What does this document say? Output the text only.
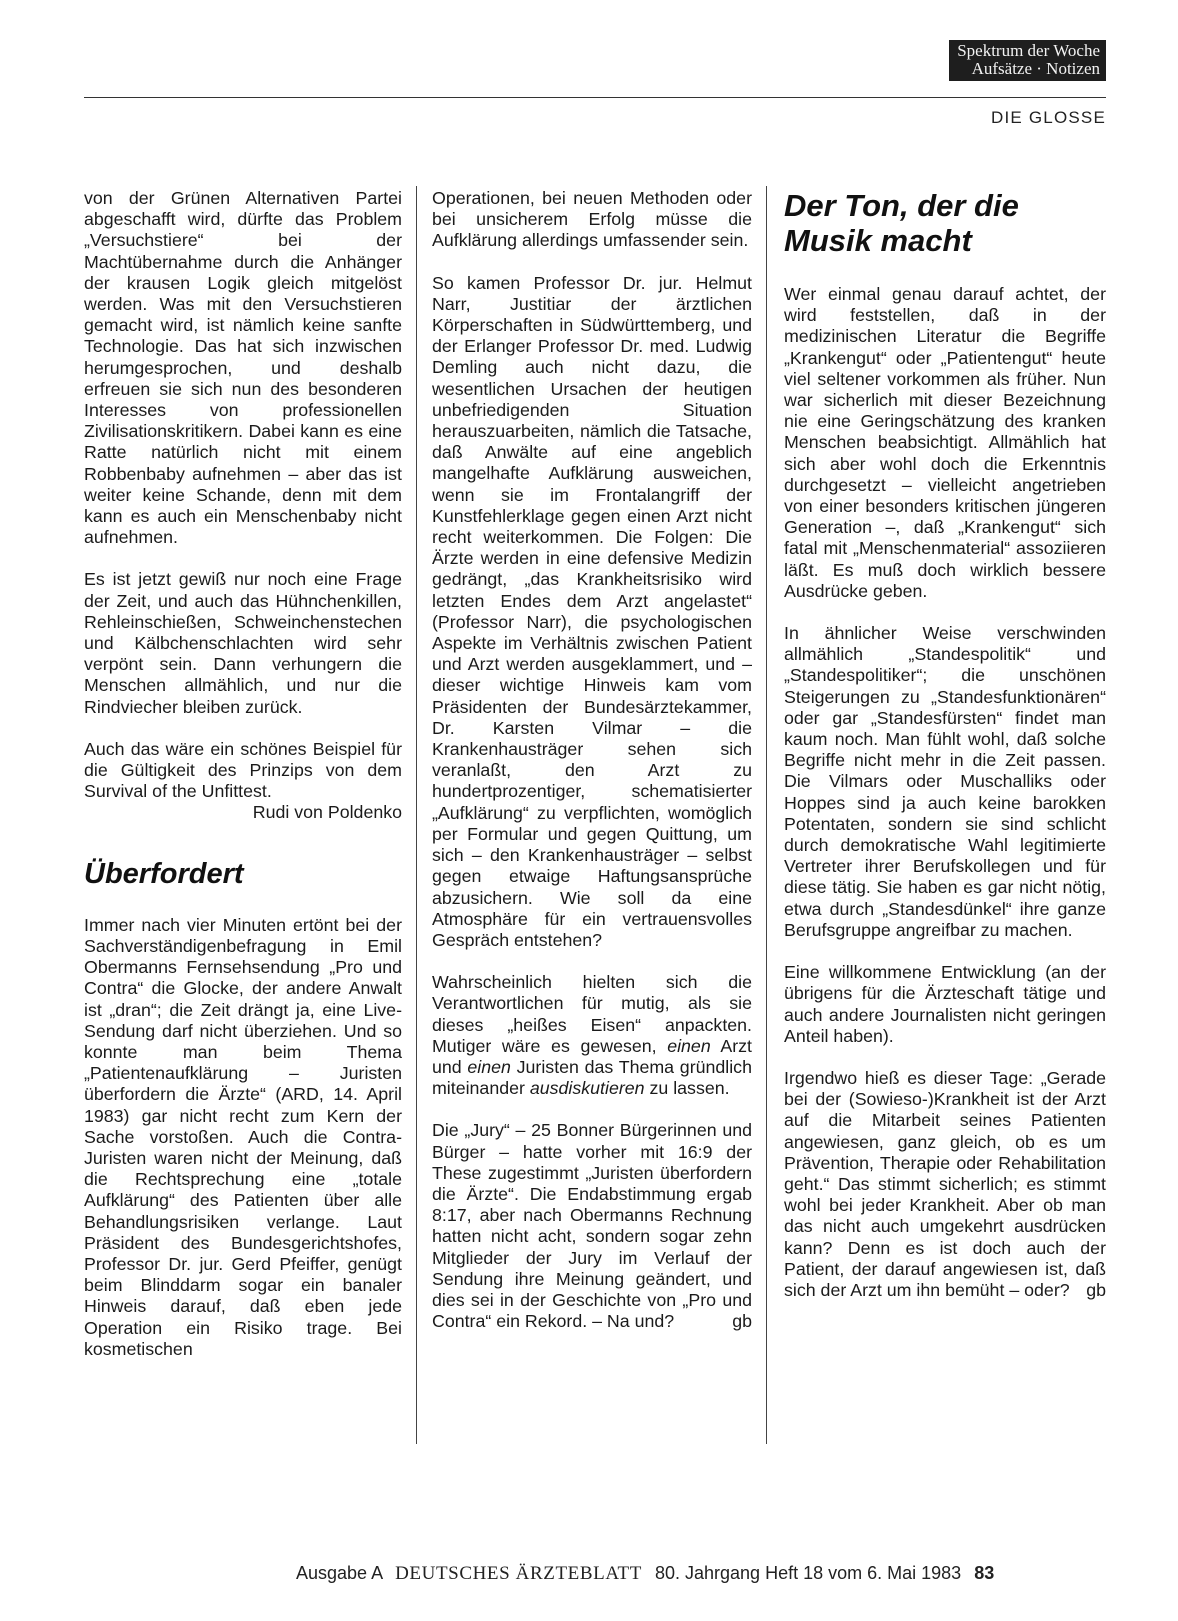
Spektrum der Woche
Aufsätze · Notizen
DIE GLOSSE

von der Grünen Alternativen Partei abgeschafft wird, dürfte das Problem „Versuchstiere“ bei der Machtübernahme durch die Anhänger der krausen Logik gleich mitgelöst werden. Was mit den Versuchstieren gemacht wird, ist nämlich keine sanfte Technologie. Das hat sich inzwischen herumgesprochen, und deshalb erfreuen sie sich nun des besonderen Interesses von professionellen Zivilisationskritikern. Dabei kann es eine Ratte natürlich nicht mit einem Robbenbaby aufnehmen – aber das ist weiter keine Schande, denn mit dem kann es auch ein Menschenbaby nicht aufnehmen.

Es ist jetzt gewiß nur noch eine Frage der Zeit, und auch das Hühnchenkillen, Rehleinschießen, Schweinchenstechen und Kälbchenschlachten wird sehr verpönt sein. Dann verhungern die Menschen allmählich, und nur die Rindviecher bleiben zurück.

Auch das wäre ein schönes Beispiel für die Gültigkeit des Prinzips von dem Survival of the Unfittest.
Rudi von Poldenko

Überfordert

Immer nach vier Minuten ertönt bei der Sachverständigenbefragung in Emil Obermanns Fernsehsendung „Pro und Contra“ die Glocke, der andere Anwalt ist „dran“; die Zeit drängt ja, eine Live-Sendung darf nicht überziehen. Und so konnte man beim Thema „Patientenaufklärung – Juristen überfordern die Ärzte“ (ARD, 14. April 1983) gar nicht recht zum Kern der Sache vorstoßen. Auch die Contra-Juristen waren nicht der Meinung, daß die Rechtsprechung eine „totale Aufklärung“ des Patienten über alle Behandlungsrisiken verlange. Laut Präsident des Bundesgerichtshofes, Professor Dr. jur. Gerd Pfeiffer, genügt beim Blinddarm sogar ein banaler Hinweis darauf, daß eben jede Operation ein Risiko trage. Bei kosmetischen

Operationen, bei neuen Methoden oder bei unsicherem Erfolg müsse die Aufklärung allerdings umfassender sein.

So kamen Professor Dr. jur. Helmut Narr, Justitiar der ärztlichen Körperschaften in Südwürttemberg, und der Erlanger Professor Dr. med. Ludwig Demling auch nicht dazu, die wesentlichen Ursachen der heutigen unbefriedigenden Situation herauszuarbeiten, nämlich die Tatsache, daß Anwälte auf eine angeblich mangelhafte Aufklärung ausweichen, wenn sie im Frontalangriff der Kunstfehlerklage gegen einen Arzt nicht recht weiterkommen. Die Folgen: Die Ärzte werden in eine defensive Medizin gedrängt, „das Krankheitsrisiko wird letzten Endes dem Arzt angelastet“ (Professor Narr), die psychologischen Aspekte im Verhältnis zwischen Patient und Arzt werden ausgeklammert, und – dieser wichtige Hinweis kam vom Präsidenten der Bundesärztekammer, Dr. Karsten Vilmar – die Krankenhausträger sehen sich veranlaßt, den Arzt zu hundertprozentiger, schematisierter „Aufklärung“ zu verpflichten, womöglich per Formular und gegen Quittung, um sich – den Krankenhausträger – selbst gegen etwaige Haftungsansprüche abzusichern. Wie soll da eine Atmosphäre für ein vertrauensvolles Gespräch entstehen?

Wahrscheinlich hielten sich die Verantwortlichen für mutig, als sie dieses „heißes Eisen“ anpackten. Mutiger wäre es gewesen, einen Arzt und einen Juristen das Thema gründlich miteinander ausdiskutieren zu lassen.

Die „Jury“ – 25 Bonner Bürgerinnen und Bürger – hatte vorher mit 16:9 der These zugestimmt „Juristen überfordern die Ärzte“. Die Endabstimmung ergab 8:17, aber nach Obermanns Rechnung hatten nicht acht, sondern sogar zehn Mitglieder der Jury im Verlauf der Sendung ihre Meinung geändert, und dies sei in der Geschichte von „Pro und Contra“ ein Rekord. – Na und?	gb

Der Ton, der die Musik macht

Wer einmal genau darauf achtet, der wird feststellen, daß in der medizinischen Literatur die Begriffe „Krankengut“ oder „Patientengut“ heute viel seltener vorkommen als früher. Nun war sicherlich mit dieser Bezeichnung nie eine Geringschätzung des kranken Menschen beabsichtigt. Allmählich hat sich aber wohl doch die Erkenntnis durchgesetzt – vielleicht angetrieben von einer besonders kritischen jüngeren Generation –, daß „Krankengut“ sich fatal mit „Menschenmaterial“ assoziieren läßt. Es muß doch wirklich bessere Ausdrücke geben.

In ähnlicher Weise verschwinden allmählich „Standespolitik“ und „Standespolitiker“; die unschönen Steigerungen zu „Standesfunktionären“ oder gar „Standesfürsten“ findet man kaum noch. Man fühlt wohl, daß solche Begriffe nicht mehr in die Zeit passen. Die Vilmars oder Muschalliks oder Hoppes sind ja auch keine barokken Potentaten, sondern sie sind schlicht durch demokratische Wahl legitimierte Vertreter ihrer Berufskollegen und für diese tätig. Sie haben es gar nicht nötig, etwa durch „Standesdünkel“ ihre ganze Berufsgruppe angreifbar zu machen.

Eine willkommene Entwicklung (an der übrigens für die Ärzteschaft tätige und auch andere Journalisten nicht geringen Anteil haben).

Irgendwo hieß es dieser Tage: „Gerade bei der (Sowieso-)Krankheit ist der Arzt auf die Mitarbeit seines Patienten angewiesen, ganz gleich, ob es um Prävention, Therapie oder Rehabilitation geht.“ Das stimmt sicherlich; es stimmt wohl bei jeder Krankheit. Aber ob man das nicht auch umgekehrt ausdrücken kann? Denn es ist doch auch der Patient, der darauf angewiesen ist, daß sich der Arzt um ihn bemüht – oder? gb

Ausgabe A DEUTSCHES ÄRZTEBLATT 80. Jahrgang Heft 18 vom 6. Mai 1983 83
